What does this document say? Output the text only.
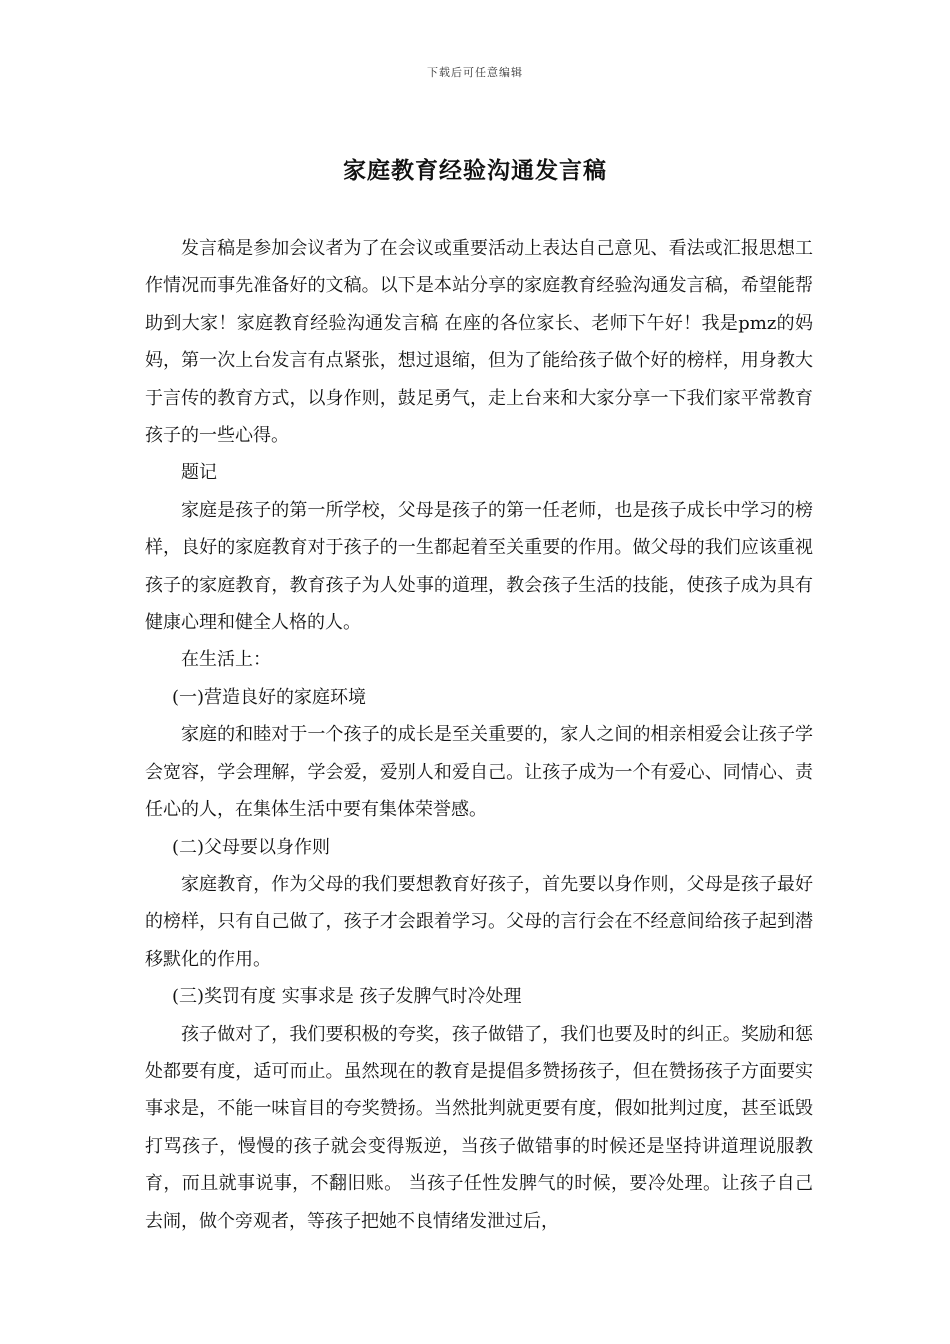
下载后可任意编辑
家庭教育经验沟通发言稿

发言稿是参加会议者为了在会议或重要活动上表达自己意见、看法或汇报思想工作情况而事先准备好的文稿。以下是本站分享的家庭教育经验沟通发言稿，希望能帮助到大家！家庭教育经验沟通发言稿 在座的各位家长、老师下午好！我是pmz的妈妈，第一次上台发言有点紧张，想过退缩，但为了能给孩子做个好的榜样，用身教大于言传的教育方式，以身作则，鼓足勇气，走上台来和大家分享一下我们家平常教育孩子的一些心得。

题记

家庭是孩子的第一所学校，父母是孩子的第一任老师，也是孩子成长中学习的榜样，良好的家庭教育对于孩子的一生都起着至关重要的作用。做父母的我们应该重视孩子的家庭教育，教育孩子为人处事的道理，教会孩子生活的技能，使孩子成为具有健康心理和健全人格的人。

在生活上：

(一)营造良好的家庭环境

家庭的和睦对于一个孩子的成长是至关重要的，家人之间的相亲相爱会让孩子学会宽容，学会理解，学会爱，爱别人和爱自己。让孩子成为一个有爱心、同情心、责任心的人，在集体生活中要有集体荣誉感。

(二)父母要以身作则

家庭教育，作为父母的我们要想教育好孩子，首先要以身作则，父母是孩子最好的榜样，只有自己做了，孩子才会跟着学习。父母的言行会在不经意间给孩子起到潜移默化的作用。

(三)奖罚有度 实事求是 孩子发脾气时冷处理

孩子做对了，我们要积极的夸奖，孩子做错了，我们也要及时的纠正。奖励和惩处都要有度，适可而止。虽然现在的教育是提倡多赞扬孩子，但在赞扬孩子方面要实事求是，不能一味盲目的夸奖赞扬。当然批判就更要有度，假如批判过度，甚至诋毁打骂孩子，慢慢的孩子就会变得叛逆，当孩子做错事的时候还是坚持讲道理说服教育，而且就事说事，不翻旧账。 当孩子任性发脾气的时候，要冷处理。让孩子自己去闹，做个旁观者，等孩子把她不良情绪发泄过后，
